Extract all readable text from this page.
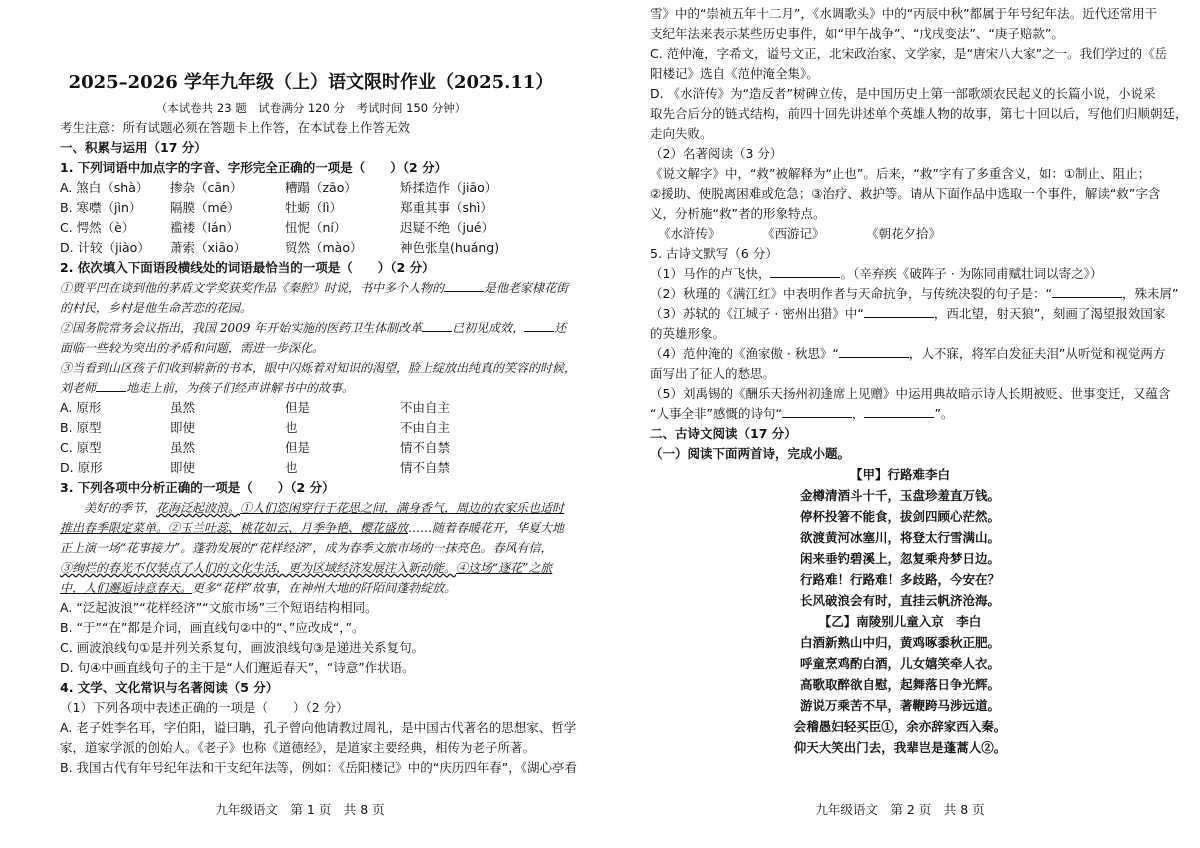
2025–2026 学年九年级（上）语文限时作业（2025.11）
（本试卷共 23 题　试卷满分 120 分　考试时间 150 分钟）
考生注意：所有试题必须在答题卡上作答，在本试卷上作答无效
一、积累与运用（17 分）
1. 下列词语中加点字的字音、字形完全正确的一项是（　　）（2 分）
A. 煞白（shà）	掺杂（cān）	糟蹋（zāo）	矫揉造作（jiāo）
B. 寒噤（jìn）	隔膜（mé）	牡蛎（lì）	郑重其事（shì）
C. 愕然（è）	褴褛（lán）	忸怩（ní）	迟疑不绝（jué）
D. 计较（jiào）	萧索（xiāo）	贸然（mào）	神色张皇(huáng)
2. 依次填入下面语段横线处的词语最恰当的一项是（　　）（2 分）
①贾平凹在谈到他的茅盾文学奖获奖作品《秦腔》时说，书中多个人物的	是他老家棣花街
的村民，乡村是他生命苦恋的花园。
②国务院常务会议指出，我国 2009 年开始实施的医药卫生体制改革	已初见成效，	还
面临一些较为突出的矛盾和问题，需进一步深化。
③当看到山区孩子们收到崭新的书本，眼中闪烁着对知识的渴望，脸上绽放出纯真的笑容的时候，
刘老师	地走上前，为孩子们经声讲解书中的故事。
A. 原形	虽然	但是	不由自主
B. 原型	即使	也	不由自主
C. 原型	虽然	但是	情不自禁
D. 原形	即使	也	情不自禁
3. 下列各项中分析正确的一项是（　　）（2 分）
美好的季节，花海泛起波浪。①人们恣闲穿行于花思之间，满身香气，周边的农家乐也适时
推出春季限定菜单。②玉兰吐蕊、桃花如云、月季争艳、樱花盛放……随着春暖花开，华夏大地
正上演一场“花事接力”。蓬勃发展的“花样经济”，成为春季文旅市场的一抹亮色。春风有信，
③绚烂的春光不仅装点了人们的文化生活，更为区域经济发展注入新动能。④这场“逐花”之旅
中，人们邂逅诗意春天。更多“花样”故事，在神州大地的阡陌间蓬勃绽放。
A. “泛起波浪”“花样经济”“文旅市场”三个短语结构相同。
B. “于”“在”都是介词，画直线句②中的“、”应改成“，”。
C. 画波浪线句①是并列关系复句，画波浪线句③是递进关系复句。
D. 句④中画直线句子的主干是“人们邂逅春天”，“诗意”作状语。
4. 文学、文化常识与名著阅读（5 分）
（1）下列各项中表述正确的一项是（　　）（2 分）
A. 老子姓李名耳，字伯阳，谥曰聃，孔子曾向他请教过周礼，是中国古代著名的思想家、哲学
家，道家学派的创始人。《老子》也称《道德经》，是道家主要经典，相传为老子所著。
B. 我国古代有年号纪年法和干支纪年法等，例如：《岳阳楼记》中的“庆历四年春”，《湖心亭看
九年级语文　第 1 页　共 8 页
雪》中的“崇祯五年十二月”，《水调歌头》中的“丙辰中秋”都属于年号纪年法。近代还常用干
支纪年法来表示某些历史事件，如“甲午战争”、“戊戌变法”、“庚子赔款”。
C. 范仲淹，字希文，谥号文正，北宋政治家、文学家，是“唐宋八大家”之一。我们学过的《岳
阳楼记》选自《范仲淹全集》。
D. 《水浒传》为“造反者”树碑立传，是中国历史上第一部歌颂农民起义的长篇小说，小说采
取先合后分的链式结构，前四十回先讲述单个英雄人物的故事，第七十回以后，写他们归顺朝廷，
走向失败。
（2）名著阅读（3 分）
《说文解字》中，“救”被解释为“止也”。后来，“救”字有了多重含义，如：①制止、阻止；
②援助、使脱离困难或危急；③治疗、救护等。请从下面作品中选取一个事件，解读“救”字含
义，分析施“救”者的形象特点。
《水浒传》	《西游记》	《朝花夕拾》
5. 古诗文默写（6 分）
（1）马作的卢飞快，	。（辛弃疾《破阵子 · 为陈同甫赋壮词以寄之》）
（2）秋瑾的《满江红》中表明作者与天命抗争，与传统决裂的句子是：“	，殊未屑”
（3）苏轼的《江城子 · 密州出猎》中“	，西北望，射天狼”，刻画了渴望报效国家
的英雄形象。
（4）范仲淹的《渔家傲 · 秋思》“	，人不寐，将军白发征夫泪”从听觉和视觉两方
面写出了征人的愁思。
（5）刘禹锡的《酬乐天扬州初逢席上见赠》中运用典故暗示诗人长期被贬、世事变迁，又蕴含
“人事全非”感慨的诗句“	，	”。
二、古诗文阅读（17 分）
（一）阅读下面两首诗，完成小题。
【甲】行路难李白
金樽清酒斗十千，玉盘珍羞直万钱。
停杯投箸不能食，拔剑四顾心茫然。
欲渡黄河冰塞川，将登太行雪满山。
闲来垂钓碧溪上，忽复乘舟梦日边。
行路难！行路难！多歧路，今安在？
长风破浪会有时，直挂云帆济沧海。
【乙】南陵别儿童入京　李白
白酒新熟山中归，黄鸡啄黍秋正肥。
呼童烹鸡酌白酒，儿女嬉笑牵人衣。
高歌取醉欲自慰，起舞落日争光辉。
游说万乘苦不早，著鞭跨马涉远道。
会稽愚妇轻买臣①，余亦辞家西入秦。
仰天大笑出门去，我辈岂是蓬蒿人②。
九年级语文　第 2 页　共 8 页
